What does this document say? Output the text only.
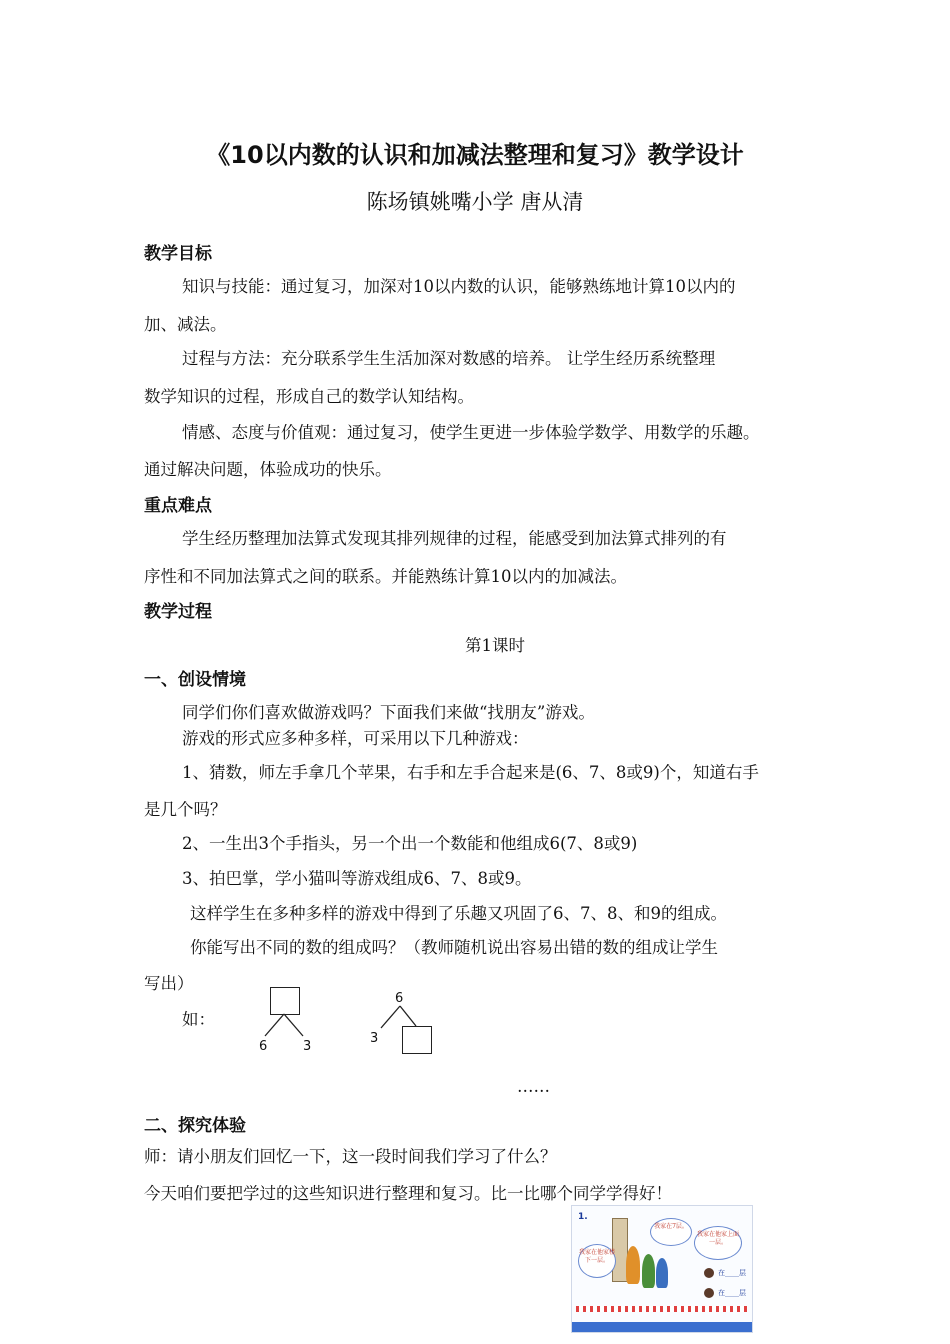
《10以内数的认识和加减法整理和复习》教学设计
陈场镇姚嘴小学 唐从清
教学目标
知识与技能：通过复习，加深对10以内数的认识，能够熟练地计算10以内的
加、减法。
过程与方法：充分联系学生生活加深对数感的培养。 让学生经历系统整理
数学知识的过程，形成自己的数学认知结构。
情感、态度与价值观：通过复习，使学生更进一步体验学数学、用数学的乐趣。
通过解决问题，体验成功的快乐。
重点难点
学生经历整理加法算式发现其排列规律的过程，能感受到加法算式排列的有
序性和不同加法算式之间的联系。并能熟练计算10以内的加减法。
教学过程
第1课时
一、创设情境
同学们你们喜欢做游戏吗？下面我们来做“找朋友”游戏。
游戏的形式应多种多样，可采用以下几种游戏：
1、猜数，师左手拿几个苹果，右手和左手合起来是(6、7、8或9)个，知道右手
是几个吗？
2、一生出3个手指头，另一个出一个数能和他组成6(7、8或9)
3、拍巴掌，学小猫叫等游戏组成6、7、8或9。
这样学生在多种多样的游戏中得到了乐趣又巩固了6、7、8、和9的组成。
你能写出不同的数的组成吗？（教师随机说出容易出错的数的组成让学生
写出）
如：
6	3
6
3
……
二、探究体验
师：请小朋友们回忆一下，这一段时间我们学习了什么？
今天咱们要把学过的这些知识进行整理和复习。比一比哪个同学学得好！
1.
我家在7层。
我家在他家上面一层。
我家在他家楼下一层。
在____层
在____层
